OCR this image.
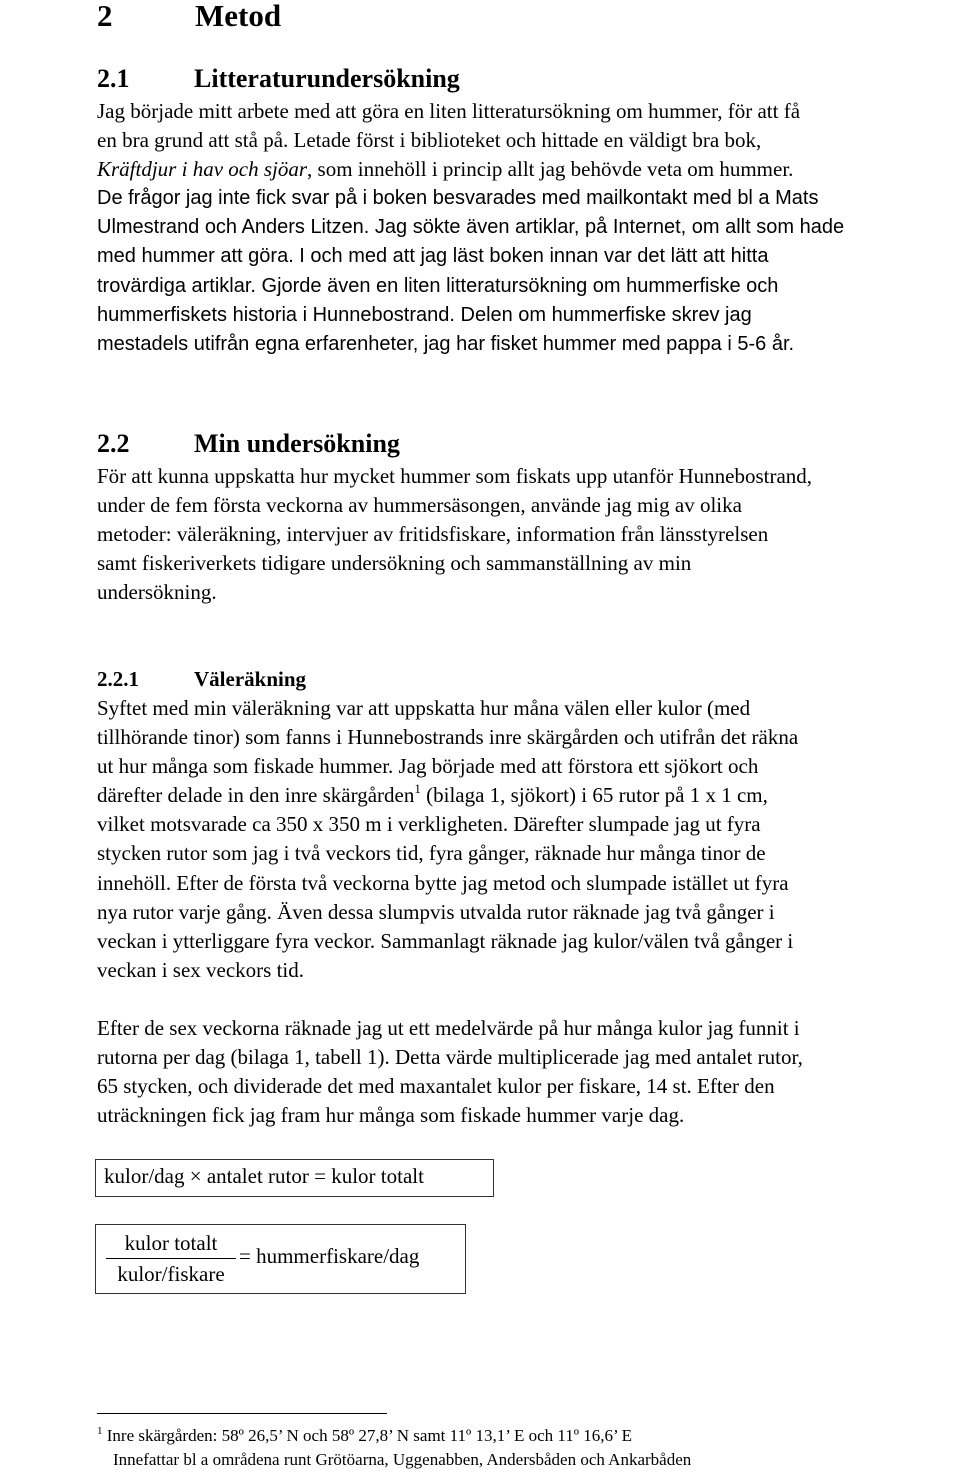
2	Metod
2.1 Litteraturundersökning
Jag började mitt arbete med att göra en liten litteratursökning om hummer, för att få
en bra grund att stå på. Letade först i biblioteket och hittade en väldigt bra bok,
Kräftdjur i hav och sjöar, som innehöll i princip allt jag behövde veta om hummer.
De frågor jag inte fick svar på i boken besvarades med mailkontakt med bl a Mats
Ulmestrand och Anders Litzen. Jag sökte även artiklar, på Internet, om allt som hade
med hummer att göra. I och med att jag läst boken innan var det lätt att hitta
trovärdiga artiklar. Gjorde även en liten litteratursökning om hummerfiske och
hummerfiskets historia i Hunnebostrand. Delen om hummerfiske skrev jag
mestadels utifrån egna erfarenheter, jag har fisket hummer med pappa i 5-6 år.
2.2 Min undersökning
För att kunna uppskatta hur mycket hummer som fiskats upp utanför Hunnebostrand,
under de fem första veckorna av hummersäsongen, använde jag mig av olika
metoder: väleräkning, intervjuer av fritidsfiskare, information från länsstyrelsen
samt fiskeriverkets tidigare undersökning och sammanställning av min
undersökning.
2.2.1	Väleräkning
Syftet med min väleräkning var att uppskatta hur måna välen eller kulor (med
tillhörande tinor) som fanns i Hunnebostrands inre skärgården och utifrån det räkna
ut hur många som fiskade hummer. Jag började med att förstora ett sjökort och
därefter delade in den inre skärgården$^1$ (bilaga 1, sjökort) i 65 rutor på 1 x 1 cm,
vilket motsvarade ca 350 x 350 m i verkligheten. Därefter slumpade jag ut fyra
stycken rutor som jag i två veckors tid, fyra gånger, räknade hur många tinor de
innehöll. Efter de första två veckorna bytte jag metod och slumpade istället ut fyra
nya rutor varje gång. Även dessa slumpvis utvalda rutor räknade jag två gånger i
veckan i ytterliggare fyra veckor. Sammanlagt räknade jag kulor/välen två gånger i
veckan i sex veckors tid.
Efter de sex veckorna räknade jag ut ett medelvärde på hur många kulor jag funnit i
rutorna per dag (bilaga 1, tabell 1). Detta värde multiplicerade jag med antalet rutor,
65 stycken, och dividerade det med maxantalet kulor per fiskare, 14 st. Efter den
uträckningen fick jag fram hur många som fiskade hummer varje dag.
kulor/dag × antalet rutor = kulor totalt
kulor totalt
kulor/fiskare
= hummerfiskare/dag
$^1$ Inre skärgården: 58º 26,5’ N och 58º 27,8’ N samt 11º 13,1’ E och 11º 16,6’ E
Innefattar bl a områdena runt Grötöarna, Uggenabben, Andersbåden och Ankarbåden
